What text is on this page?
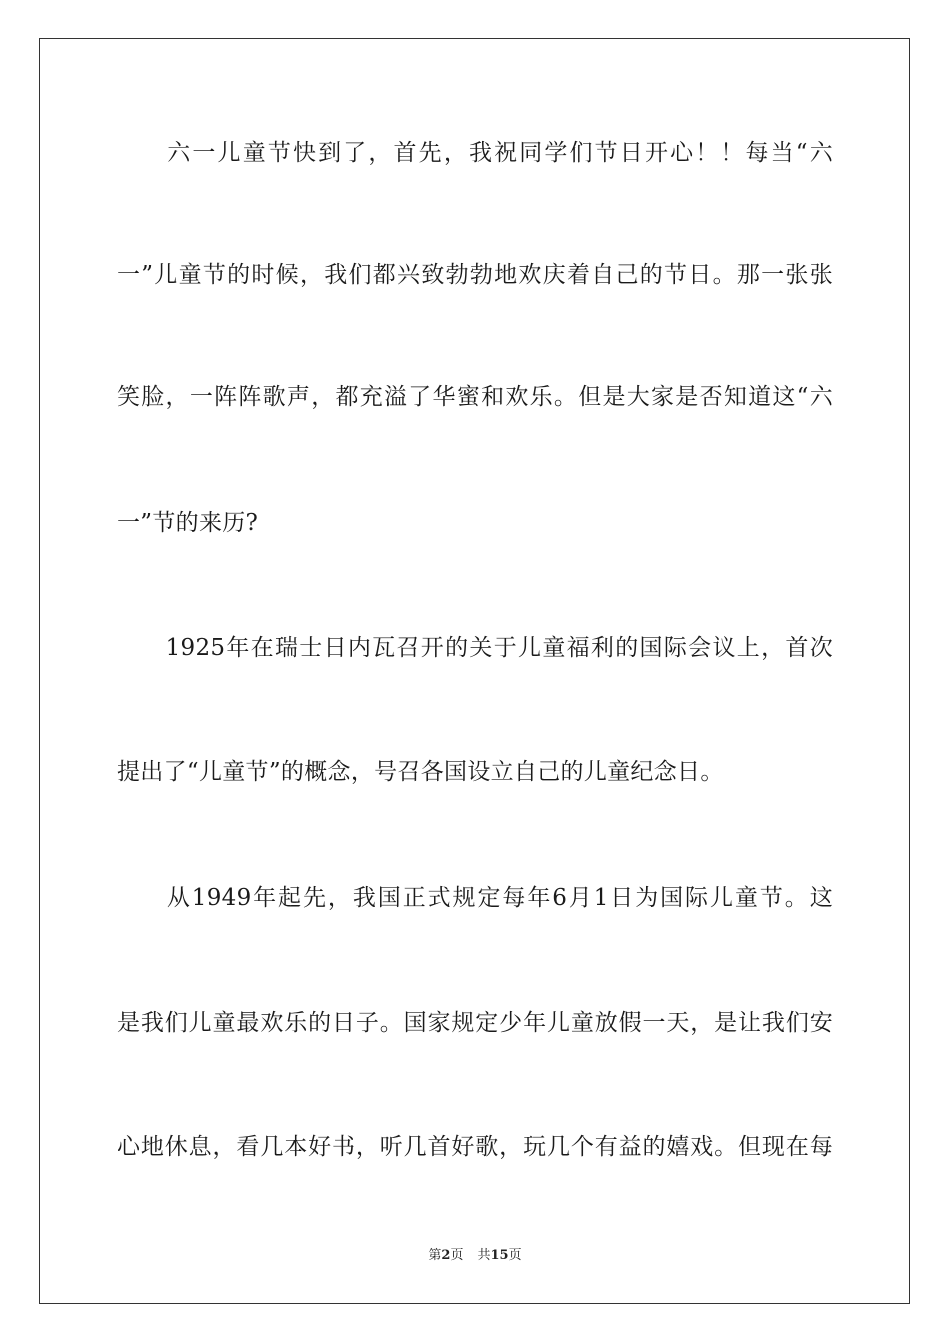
　　六一儿童节快到了，首先，我祝同学们节日开心！！每当“六
一”儿童节的时候，我们都兴致勃勃地欢庆着自己的节日。那一张张
笑脸，一阵阵歌声，都充溢了华蜜和欢乐。但是大家是否知道这“六
一”节的来历?
　　1925年在瑞士日内瓦召开的关于儿童福利的国际会议上，首次
提出了“儿童节”的概念，号召各国设立自己的儿童纪念日。
　　从1949年起先，我国正式规定每年6月1日为国际儿童节。这
是我们儿童最欢乐的日子。国家规定少年儿童放假一天，是让我们安
心地休息，看几本好书，听几首好歌，玩几个有益的嬉戏。但现在每
第2页 共15页
